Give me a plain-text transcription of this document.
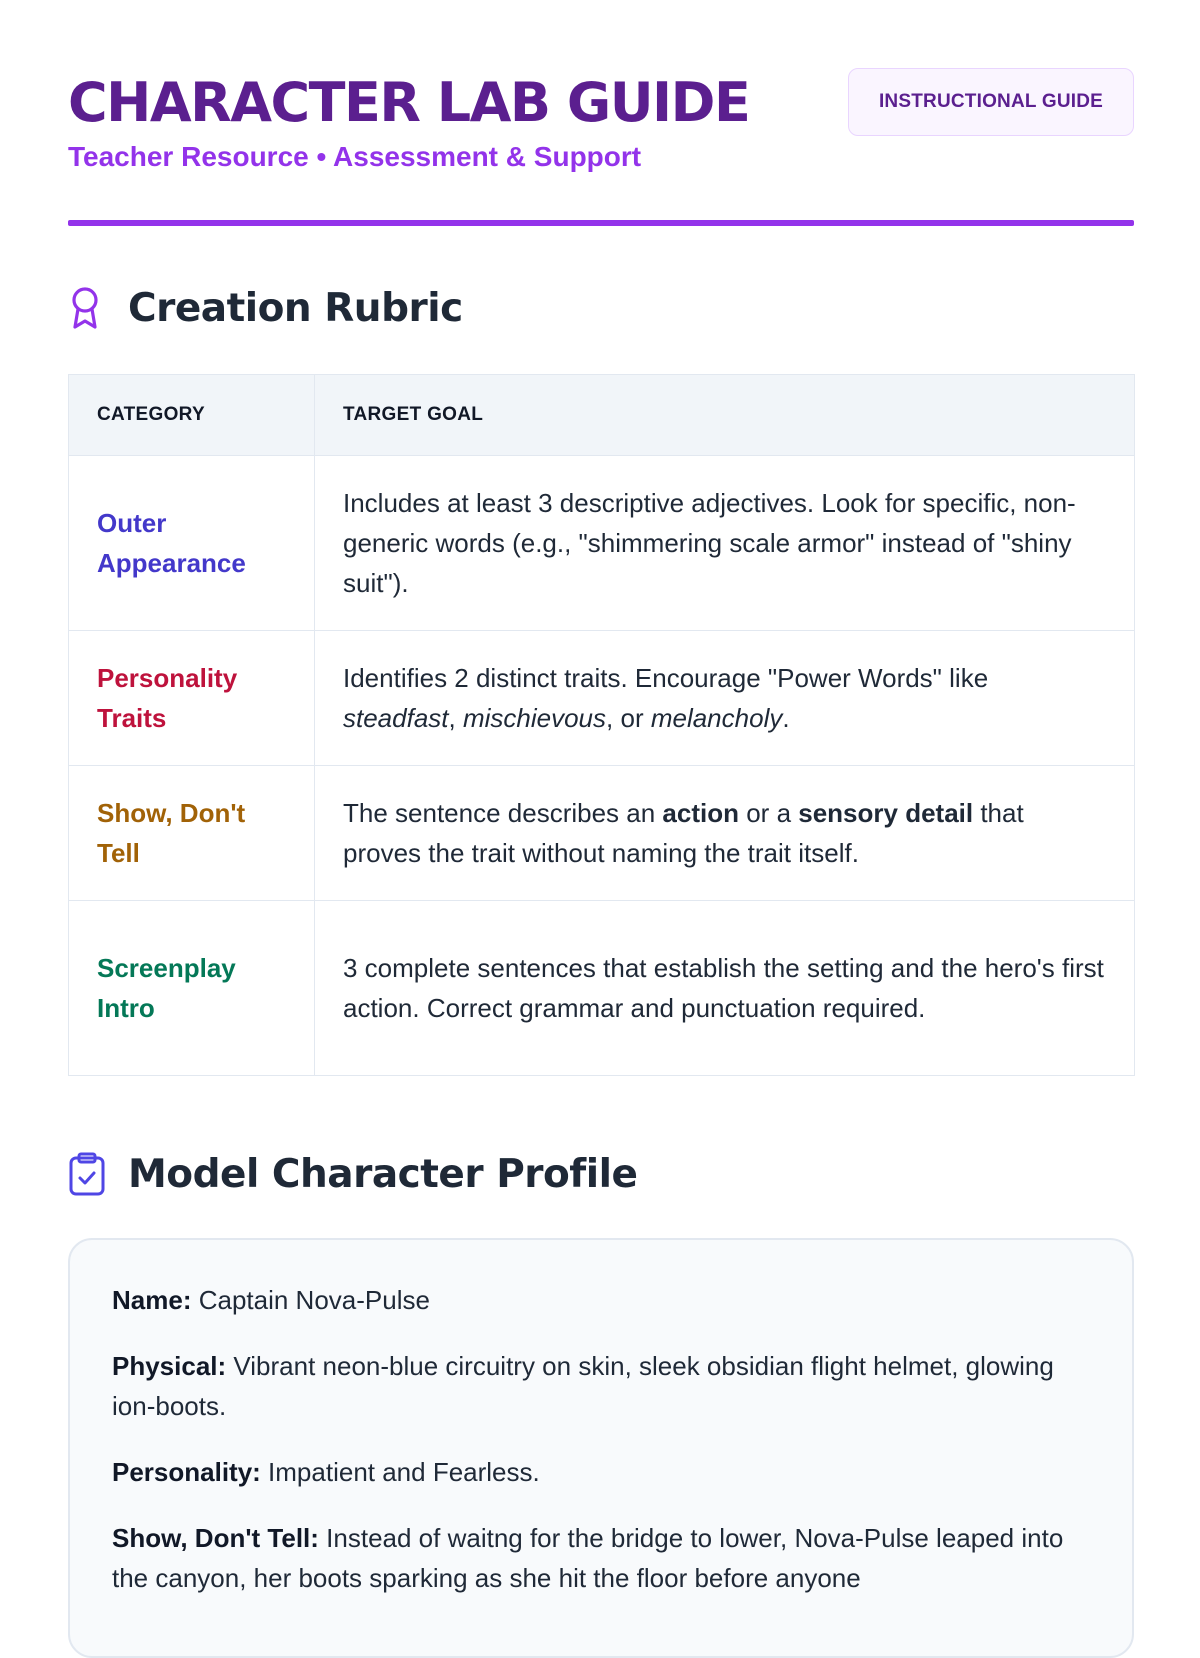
CHARACTER LAB GUIDE
Teacher Resource • Assessment & Support
INSTRUCTIONAL GUIDE
Creation Rubric
CATEGORY	TARGET GOAL
Outer Appearance	Includes at least 3 descriptive adjectives. Look for specific, non-generic words (e.g., "shimmering scale armor" instead of "shiny suit").
Personality Traits	Identifies 2 distinct traits. Encourage "Power Words" like steadfast, mischievous, or melancholy.
Show, Don't Tell	The sentence describes an action or a sensory detail that proves the trait without naming the trait itself.
Screenplay Intro	3 complete sentences that establish the setting and the hero's first action. Correct grammar and punctuation required.
Model Character Profile

Name: Captain Nova-Pulse

Physical: Vibrant neon-blue circuitry on skin, sleek obsidian flight helmet, glowing ion-boots.

Personality: Impatient and Fearless.

Show, Don't Tell: Instead of waitng for the bridge to lower, Nova-Pulse leaped into the canyon, her boots sparking as she hit the floor before anyone
